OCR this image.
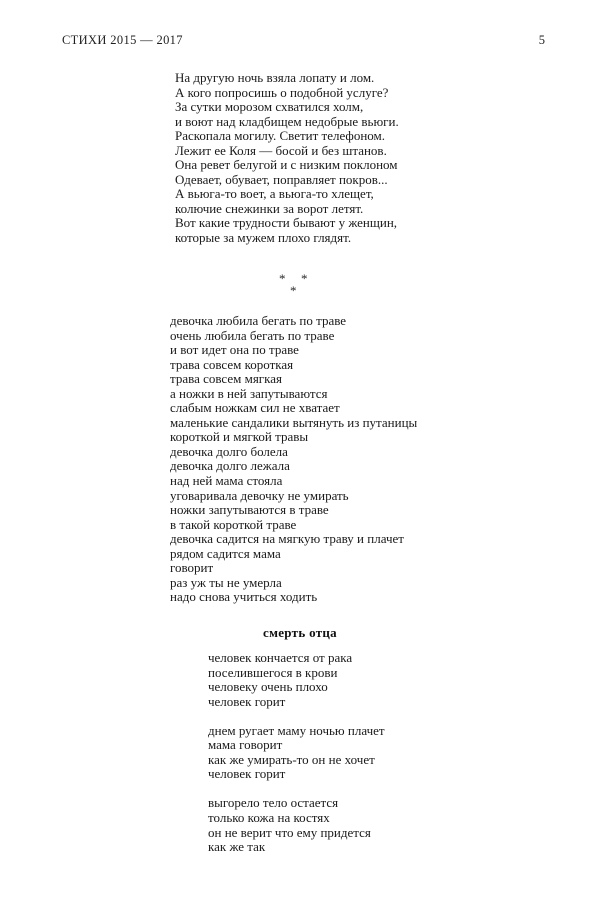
СТИХИ 2015 — 2017	5
На другую ночь взяла лопату и лом.
А кого попросишь о подобной услуге?
За сутки морозом схватился холм,
и воют над кладбищем недобрые вьюги.
Раскопала могилу. Светит телефоном.
Лежит ее Коля — босой и без штанов.
Она ревет белугой и с низким поклоном
Одевает, обувает, поправляет покров...
А вьюга-то воет, а вьюга-то хлещет,
колючие снежинки за ворот летят.
Вот какие трудности бывают у женщин,
которые за мужем плохо глядят.
* *
*
девочка любила бегать по траве
очень любила бегать по траве
и вот идет она по траве
трава совсем короткая
трава совсем мягкая
а ножки в ней запутываются
слабым ножкам сил не хватает
маленькие сандалики вытянуть из путаницы
короткой и мягкой травы
девочка долго болела
девочка долго лежала
над ней мама стояла
уговаривала девочку не умирать
ножки запутываются в траве
в такой короткой траве
девочка садится на мягкую траву и плачет
рядом садится мама
говорит
раз уж ты не умерла
надо снова учиться ходить
смерть отца
человек кончается от рака
поселившегося в крови
человеку очень плохо
человек горит
днем ругает маму ночью плачет
мама говорит
как же умирать-то он не хочет
человек горит
выгорело тело остается
только кожа на костях
он не верит что ему придется
как же так
